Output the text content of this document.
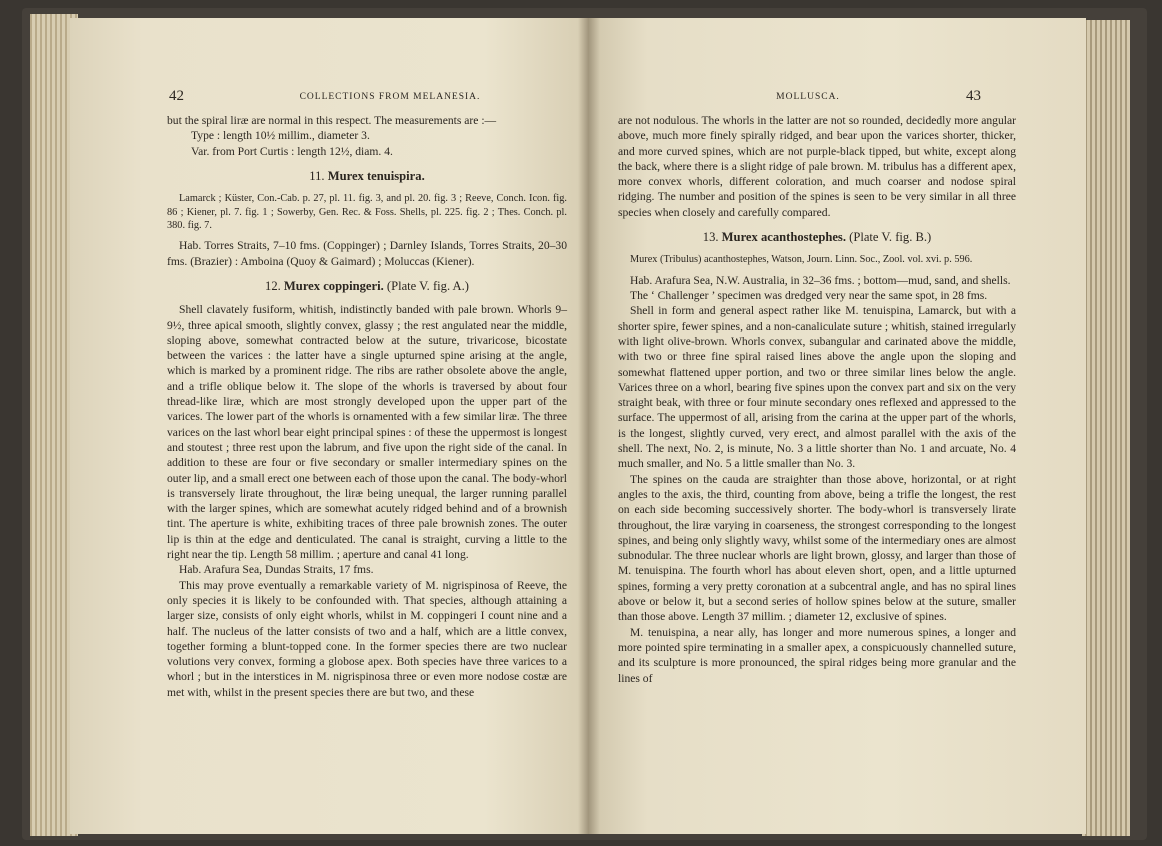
42	COLLECTIONS FROM MELANESIA.

but the spiral liræ are normal in this respect. The measurements are :—

Type : length 10½ millim., diameter 3.

Var. from Port Curtis : length 12½, diam. 4.

11. Murex tenuispira.

Lamarck ; Küster, Con.-Cab. p. 27, pl. 11. fig. 3, and pl. 20. fig. 3 ; Reeve, Conch. Icon. fig. 86 ; Kiener, pl. 7. fig. 1 ; Sowerby, Gen. Rec. & Foss. Shells, pl. 225. fig. 2 ; Thes. Conch. pl. 380. fig. 7.

Hab. Torres Straits, 7–10 fms. (Coppinger) ; Darnley Islands, Torres Straits, 20–30 fms. (Brazier) : Amboina (Quoy & Gaimard) ; Moluccas (Kiener).

12. Murex coppingeri. (Plate V. fig. A.)

Shell clavately fusiform, whitish, indistinctly banded with pale brown. Whorls 9–9½, three apical smooth, slightly convex, glassy ; the rest angulated near the middle, sloping above, somewhat contracted below at the suture, trivaricose, bicostate between the varices : the latter have a single upturned spine arising at the angle, which is marked by a prominent ridge. The ribs are rather obsolete above the angle, and a trifle oblique below it. The slope of the whorls is traversed by about four thread-like liræ, which are most strongly developed upon the upper part of the varices. The lower part of the whorls is ornamented with a few similar liræ. The three varices on the last whorl bear eight principal spines : of these the uppermost is longest and stoutest ; three rest upon the labrum, and five upon the right side of the canal. In addition to these are four or five secondary or smaller intermediary spines on the outer lip, and a small erect one between each of those upon the canal. The body-whorl is transversely lirate throughout, the liræ being unequal, the larger running parallel with the larger spines, which are somewhat acutely ridged behind and of a brownish tint. The aperture is white, exhibiting traces of three pale brownish zones. The outer lip is thin at the edge and denticulated. The canal is straight, curving a little to the right near the tip. Length 58 millim. ; aperture and canal 41 long.

Hab. Arafura Sea, Dundas Straits, 17 fms.

This may prove eventually a remarkable variety of M. nigrispinosa of Reeve, the only species it is likely to be confounded with. That species, although attaining a larger size, consists of only eight whorls, whilst in M. coppingeri I count nine and a half. The nucleus of the latter consists of two and a half, which are a little convex, together forming a blunt-topped cone. In the former species there are two nuclear volutions very convex, forming a globose apex. Both species have three varices to a whorl ; but in the interstices in M. nigrispinosa three or even more nodose costæ are met with, whilst in the present species there are but two, and these

43
MOLLUSCA.

are not nodulous. The whorls in the latter are not so rounded, decidedly more angular above, much more finely spirally ridged, and bear upon the varices shorter, thicker, and more curved spines, which are not purple-black tipped, but white, except along the back, where there is a slight ridge of pale brown. M. tribulus has a different apex, more convex whorls, different coloration, and much coarser and nodose spiral ridging. The number and position of the spines is seen to be very similar in all three species when closely and carefully compared.

13. Murex acanthostephes. (Plate V. fig. B.)

Murex (Tribulus) acanthostephes, Watson, Journ. Linn. Soc., Zool. vol. xvi. p. 596.

Hab. Arafura Sea, N.W. Australia, in 32–36 fms. ; bottom—mud, sand, and shells.

The ‘ Challenger ’ specimen was dredged very near the same spot, in 28 fms.

Shell in form and general aspect rather like M. tenuispina, Lamarck, but with a shorter spire, fewer spines, and a non-canaliculate suture ; whitish, stained irregularly with light olive-brown. Whorls convex, subangular and carinated above the middle, with two or three fine spiral raised lines above the angle upon the sloping and somewhat flattened upper portion, and two or three similar lines below the angle. Varices three on a whorl, bearing five spines upon the convex part and six on the very straight beak, with three or four minute secondary ones reflexed and appressed to the surface. The uppermost of all, arising from the carina at the upper part of the whorls, is the longest, slightly curved, very erect, and almost parallel with the axis of the shell. The next, No. 2, is minute, No. 3 a little shorter than No. 1 and arcuate, No. 4 much smaller, and No. 5 a little smaller than No. 3.

The spines on the cauda are straighter than those above, horizontal, or at right angles to the axis, the third, counting from above, being a trifle the longest, the rest on each side becoming successively shorter. The body-whorl is transversely lirate throughout, the liræ varying in coarseness, the strongest corresponding to the longest spines, and being only slightly wavy, whilst some of the intermediary ones are almost subnodular. The three nuclear whorls are light brown, glossy, and larger than those of M. tenuispina. The fourth whorl has about eleven short, open, and a little upturned spines, forming a very pretty coronation at a subcentral angle, and has no spiral lines above or below it, but a second series of hollow spines below at the suture, smaller than those above. Length 37 millim. ; diameter 12, exclusive of spines.

M. tenuispina, a near ally, has longer and more numerous spines, a longer and more pointed spire terminating in a smaller apex, a conspicuously channelled suture, and its sculpture is more pronounced, the spiral ridges being more granular and the lines of
